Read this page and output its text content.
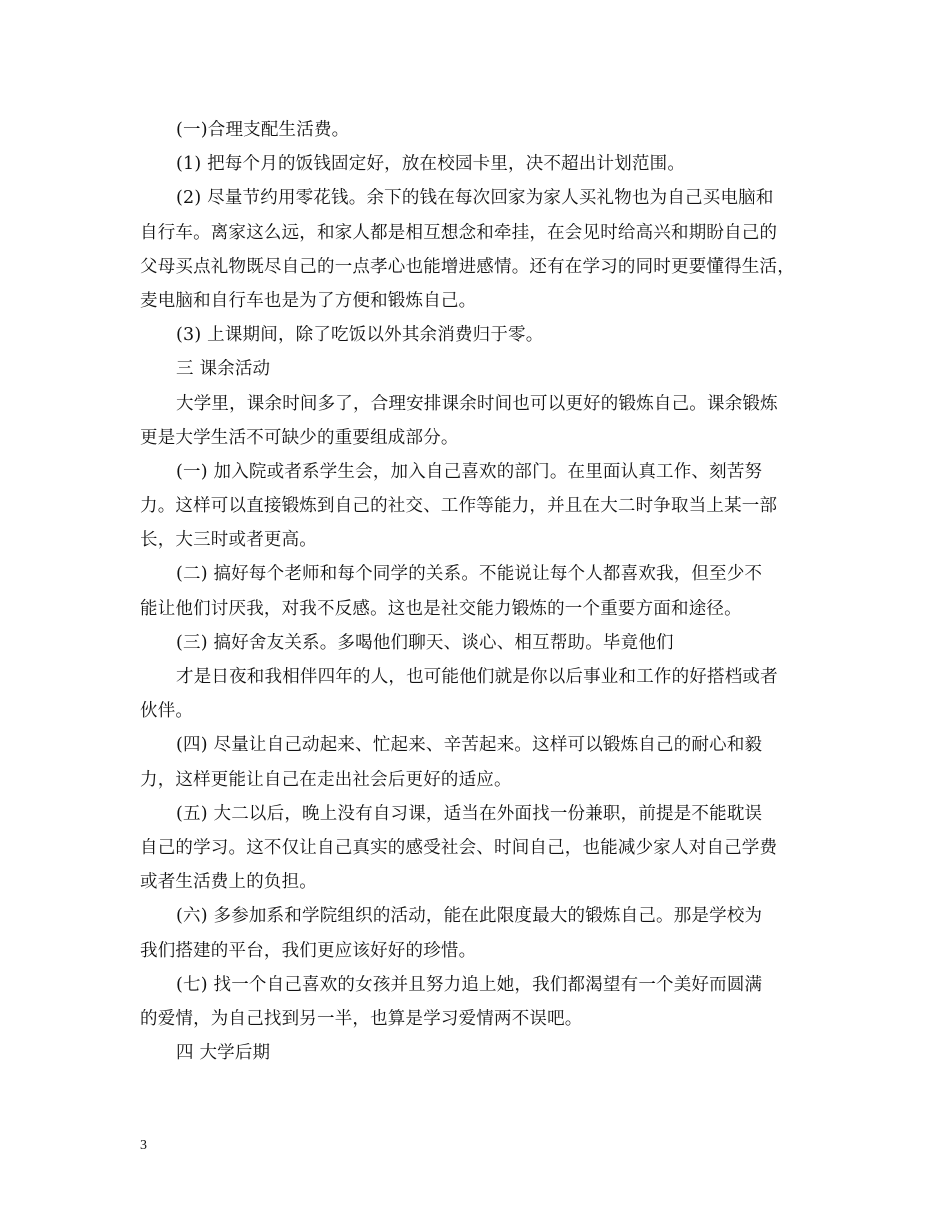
(一)合理支配生活费。
(1) 把每个月的饭钱固定好，放在校园卡里，决不超出计划范围。
(2) 尽量节约用零花钱。余下的钱在每次回家为家人买礼物也为自己买电脑和
自行车。离家这么远，和家人都是相互想念和牵挂，在会见时给高兴和期盼自己的
父母买点礼物既尽自己的一点孝心也能增进感情。还有在学习的同时更要懂得生活，
麦电脑和自行车也是为了方便和锻炼自己。
(3) 上课期间，除了吃饭以外其余消费归于零。
三 课余活动
大学里，课余时间多了，合理安排课余时间也可以更好的锻炼自己。课余锻炼
更是大学生活不可缺少的重要组成部分。
(一) 加入院或者系学生会，加入自己喜欢的部门。在里面认真工作、刻苦努
力。这样可以直接锻炼到自己的社交、工作等能力，并且在大二时争取当上某一部
长，大三时或者更高。
(二) 搞好每个老师和每个同学的关系。不能说让每个人都喜欢我，但至少不
能让他们讨厌我，对我不反感。这也是社交能力锻炼的一个重要方面和途径。
(三) 搞好舍友关系。多喝他们聊天、谈心、相互帮助。毕竟他们
才是日夜和我相伴四年的人，也可能他们就是你以后事业和工作的好搭档或者
伙伴。
(四) 尽量让自己动起来、忙起来、辛苦起来。这样可以锻炼自己的耐心和毅
力，这样更能让自己在走出社会后更好的适应。
(五) 大二以后，晚上没有自习课，适当在外面找一份兼职，前提是不能耽误
自己的学习。这不仅让自己真实的感受社会、时间自己，也能减少家人对自己学费
或者生活费上的负担。
(六) 多参加系和学院组织的活动，能在此限度最大的锻炼自己。那是学校为
我们搭建的平台，我们更应该好好的珍惜。
(七) 找一个自己喜欢的女孩并且努力追上她，我们都渴望有一个美好而圆满
的爱情，为自己找到另一半，也算是学习爱情两不误吧。
四 大学后期
3
